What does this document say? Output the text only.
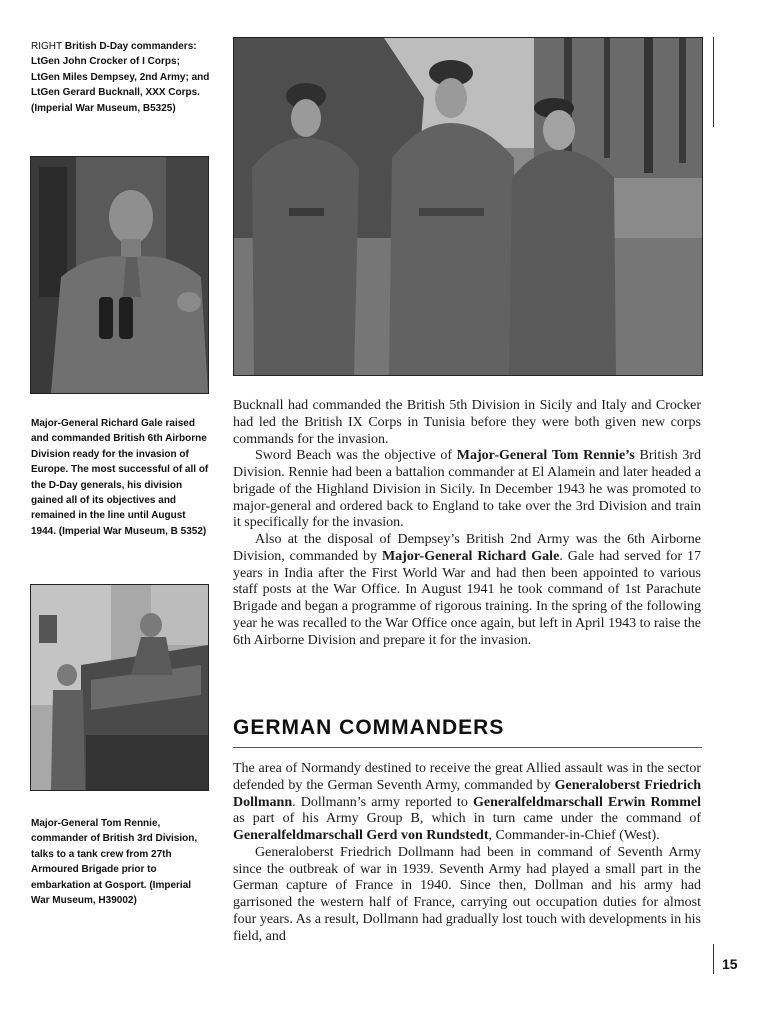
RIGHT British D-Day commanders: LtGen John Crocker of I Corps; LtGen Miles Dempsey, 2nd Army; and LtGen Gerard Bucknall, XXX Corps. (Imperial War Museum, B5325)
Major-General Richard Gale raised and commanded British 6th Airborne Division ready for the invasion of Europe. The most successful of all of the D-Day generals, his division gained all of its objectives and remained in the line until August 1944. (Imperial War Museum, B 5352)
Major-General Tom Rennie, commander of British 3rd Division, talks to a tank crew from 27th Armoured Brigade prior to embarkation at Gosport. (Imperial War Museum, H39002)

Bucknall had commanded the British 5th Division in Sicily and Italy and Crocker had led the British IX Corps in Tunisia before they were both given new corps commands for the invasion.

Sword Beach was the objective of Major-General Tom Rennie’s British 3rd Division. Rennie had been a battalion commander at El Alamein and later headed a brigade of the Highland Division in Sicily. In December 1943 he was promoted to major-general and ordered back to England to take over the 3rd Division and train it specifically for the invasion.

Also at the disposal of Dempsey’s British 2nd Army was the 6th Airborne Division, commanded by Major-General Richard Gale. Gale had served for 17 years in India after the First World War and had then been appointed to various staff posts at the War Office. In August 1941 he took command of 1st Parachute Brigade and began a programme of rigorous training. In the spring of the following year he was recalled to the War Office once again, but left in April 1943 to raise the 6th Airborne Division and prepare it for the invasion.

GERMAN COMMANDERS

The area of Normandy destined to receive the great Allied assault was in the sector defended by the German Seventh Army, commanded by Generaloberst Friedrich Dollmann. Dollmann’s army reported to Generalfeldmarschall Erwin Rommel as part of his Army Group B, which in turn came under the command of Generalfeldmarschall Gerd von Rundstedt, Commander-in-Chief (West).

Generaloberst Friedrich Dollmann had been in command of Seventh Army since the outbreak of war in 1939. Seventh Army had played a small part in the German capture of France in 1940. Since then, Dollman and his army had garrisoned the western half of France, carrying out occupation duties for almost four years. As a result, Dollmann had gradually lost touch with developments in his field, and

15
